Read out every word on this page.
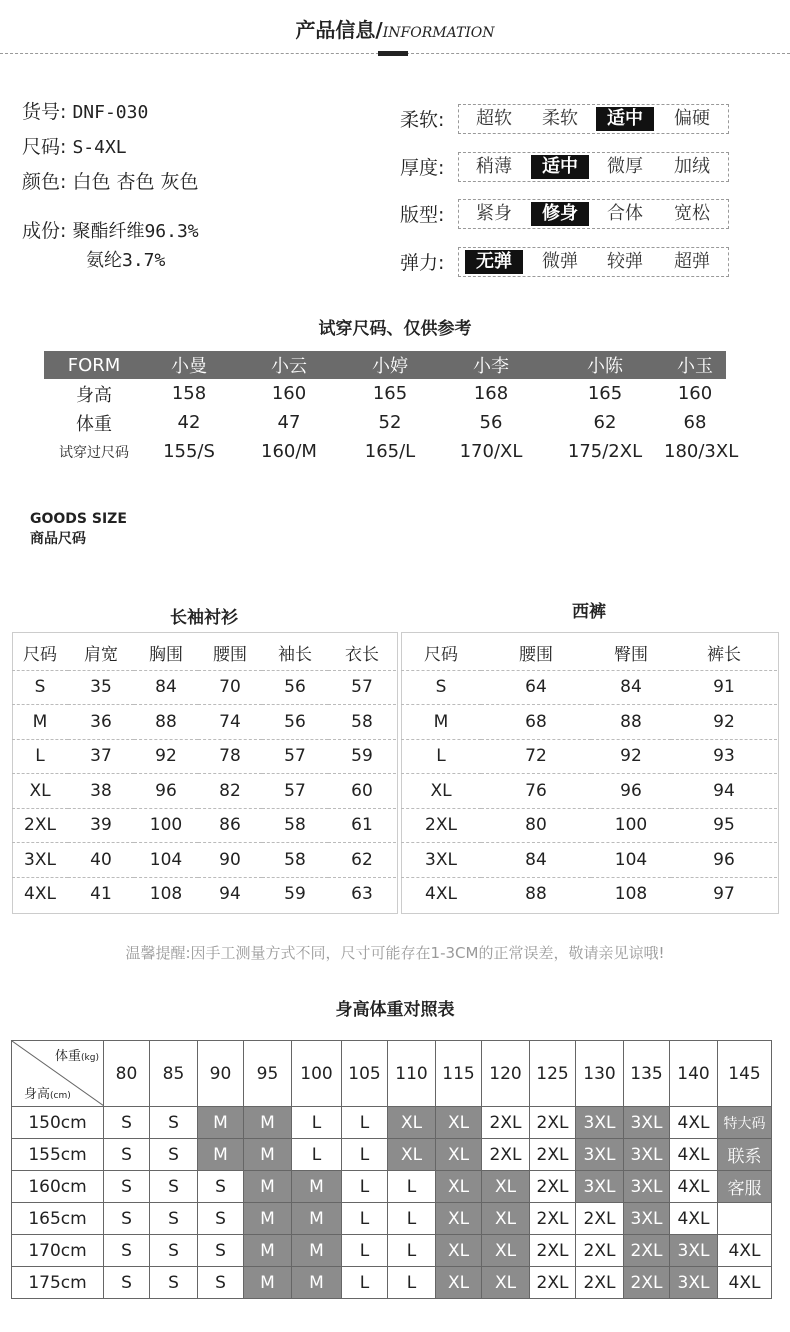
产品信息/INFORMATION
货号: DNF-030
尺码: S-4XL
颜色: 白色 杏色 灰色
成份: 聚酯纤维96.3%
氨纶3.7%
柔软:	超软	柔软	适中	偏硬
厚度:	稍薄	适中	微厚	加绒
版型:	紧身	修身	合体	宽松
弹力:	无弹	微弹	较弹	超弹
试穿尺码、仅供参考
FORM	小曼	小云	小婷	小李	小陈	小玉
身高	158	160	165	168	165	160
体重	42	47	52	56	62	68
试穿过尺码	155/S	160/M	165/L	170/XL	175/2XL	180/3XL
GOODS SIZE
商品尺码
长袖衬衫
尺码	肩宽	胸围	腰围	袖长	衣长
S	35	84	70	56	57
M	36	88	74	56	58
L	37	92	78	57	59
XL	38	96	82	57	60
2XL	39	100	86	58	61
3XL	40	104	90	58	62
4XL	41	108	94	59	63
西裤
尺码	腰围	臀围	裤长
S	64	84	91
M	68	88	92
L	72	92	93
XL	76	96	94
2XL	80	100	95
3XL	84	104	96
4XL	88	108	97
温馨提醒:因手工测量方式不同，尺寸可能存在1-3CM的正常误差，敬请亲见谅哦!
身高体重对照表
体重(kg)
身高(cm)	80	85	90	95	100	105	110	115	120	125	130	135	140	145
150cm	S	S	M	M	L	L	XL	XL	2XL	2XL	3XL	3XL	4XL	特大码
155cm	S	S	M	M	L	L	XL	XL	2XL	2XL	3XL	3XL	4XL	联系
160cm	S	S	S	M	M	L	L	XL	XL	2XL	3XL	3XL	4XL	客服
165cm	S	S	S	M	M	L	L	XL	XL	2XL	2XL	3XL	4XL	
170cm	S	S	S	M	M	L	L	XL	XL	2XL	2XL	2XL	3XL	4XL
175cm	S	S	S	M	M	L	L	XL	XL	2XL	2XL	2XL	3XL	4XL
